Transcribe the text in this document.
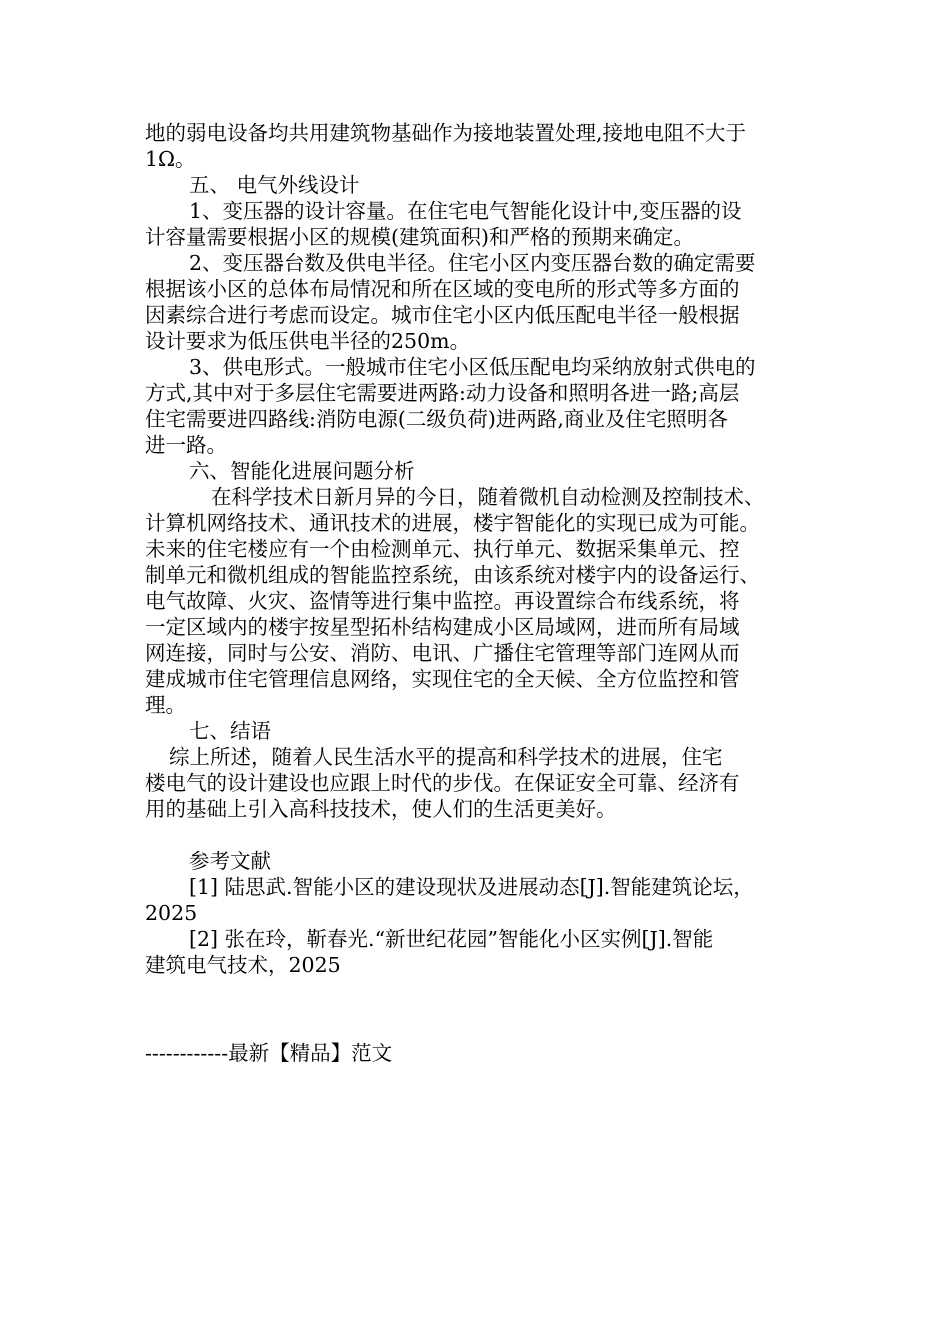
地的弱电设备均共用建筑物基础作为接地装置处理,接地电阻不大于
1Ω。
五、 电气外线设计
1、变压器的设计容量。在住宅电气智能化设计中,变压器的设
计容量需要根据小区的规模(建筑面积)和严格的预期来确定。
2、变压器台数及供电半径。住宅小区内变压器台数的确定需要
根据该小区的总体布局情况和所在区域的变电所的形式等多方面的
因素综合进行考虑而设定。城市住宅小区内低压配电半径一般根据
设计要求为低压供电半径的250m。
3、供电形式。一般城市住宅小区低压配电均采纳放射式供电的
方式,其中对于多层住宅需要进两路:动力设备和照明各进一路;高层
住宅需要进四路线:消防电源(二级负荷)进两路,商业及住宅照明各
进一路。
六、智能化进展问题分析
在科学技术日新月异的今日，随着微机自动检测及控制技术、
计算机网络技术、通讯技术的进展，楼宇智能化的实现已成为可能。
未来的住宅楼应有一个由检测单元、执行单元、数据采集单元、控
制单元和微机组成的智能监控系统，由该系统对楼宇内的设备运行、
电气故障、火灾、盗情等进行集中监控。再设置综合布线系统，将
一定区域内的楼宇按星型拓朴结构建成小区局域网，进而所有局域
网连接，同时与公安、消防、电讯、广播住宅管理等部门连网从而
建成城市住宅管理信息网络，实现住宅的全天候、全方位监控和管
理。
七、结语
综上所述，随着人民生活水平的提高和科学技术的进展，住宅
楼电气的设计建设也应跟上时代的步伐。在保证安全可靠、经济有
用的基础上引入高科技技术，使人们的生活更美好。
参考文献
[1] 陆思武.智能小区的建设现状及进展动态[J].智能建筑论坛，
2025
[2] 张在玲，靳春光.“新世纪花园”智能化小区实例[J].智能
建筑电气技术，2025
------------最新【精品】范文
